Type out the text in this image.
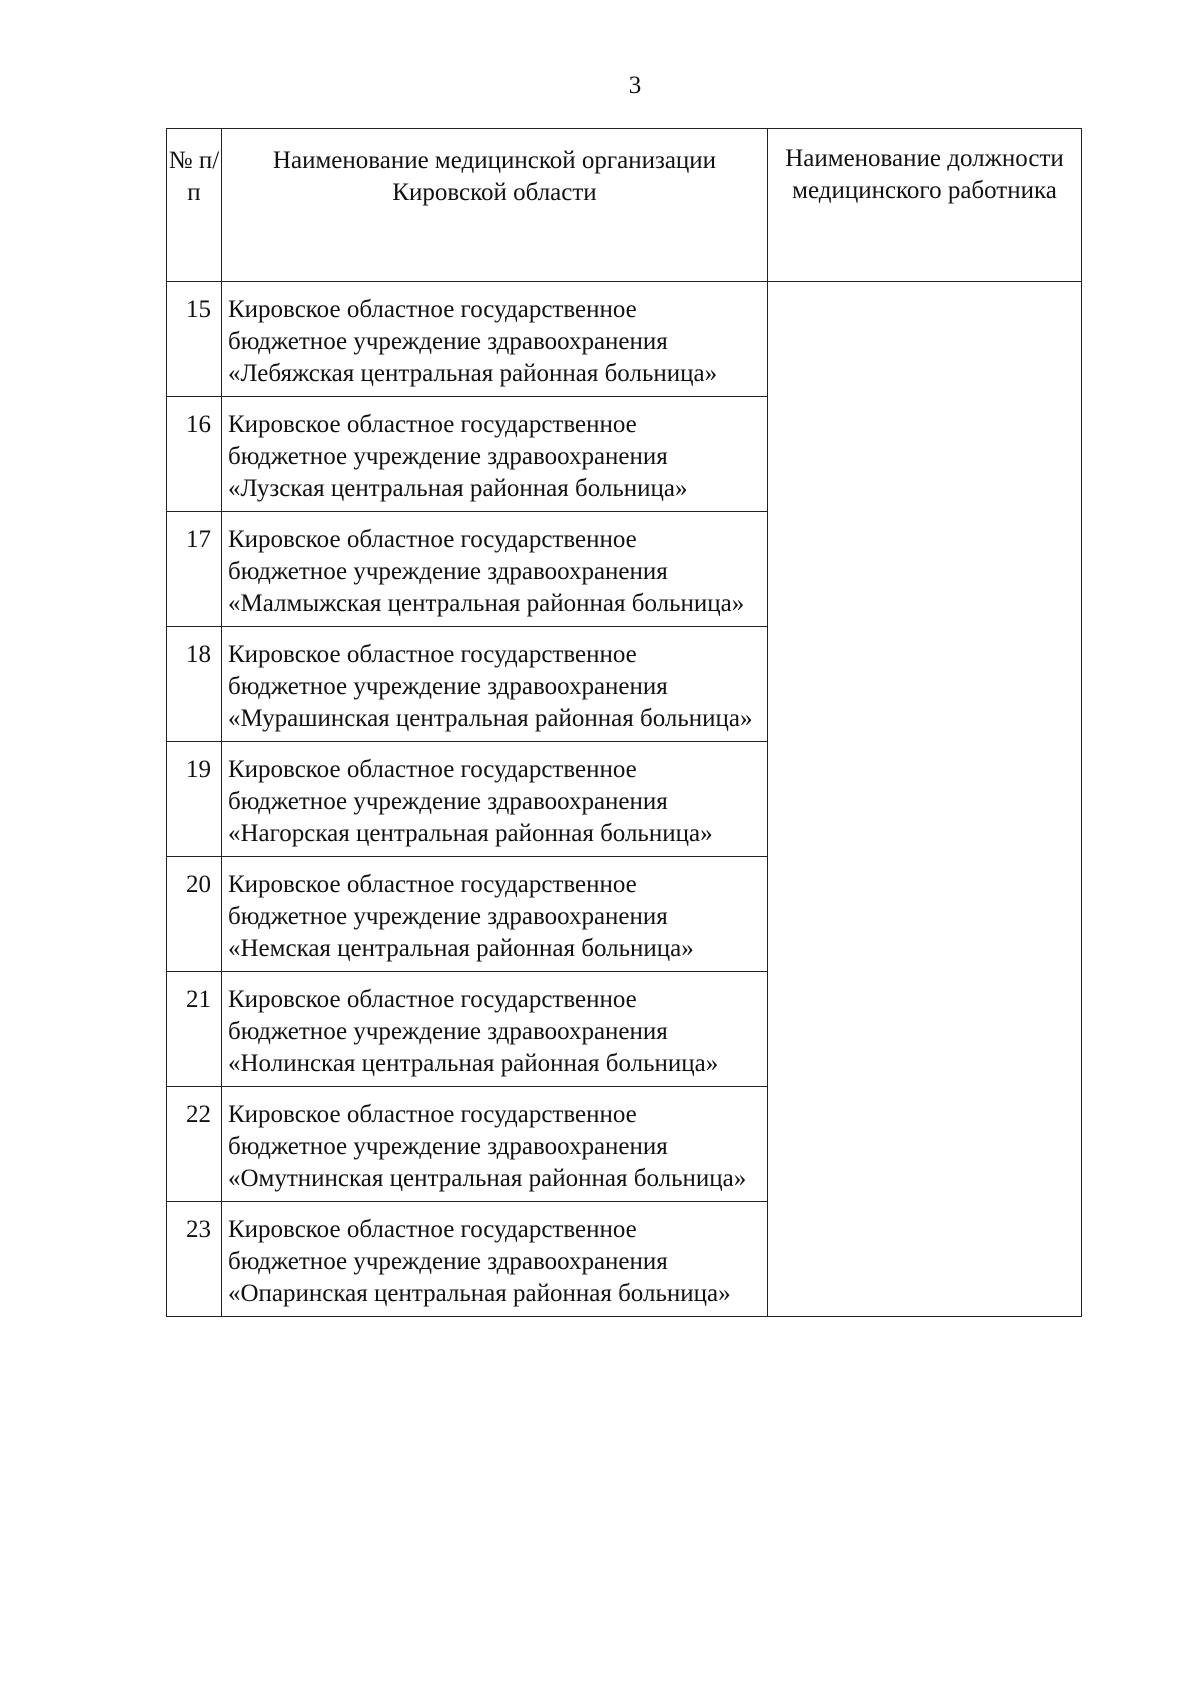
3
№ п/п	Наименование медицинской организации Кировской области	Наименование должности медицинского работника
15	Кировское областное государственное бюджетное учреждение здравоохранения «Лебяжская центральная районная больница»	
16	Кировское областное государственное бюджетное учреждение здравоохранения «Лузская центральная районная больница»	
17	Кировское областное государственное бюджетное учреждение здравоохранения «Малмыжская центральная районная больница»	
18	Кировское областное государственное бюджетное учреждение здравоохранения «Мурашинская центральная районная больница»	
19	Кировское областное государственное бюджетное учреждение здравоохранения «Нагорская центральная районная больница»	
20	Кировское областное государственное бюджетное учреждение здравоохранения «Немская центральная районная больница»	
21	Кировское областное государственное бюджетное учреждение здравоохранения «Нолинская центральная районная больница»	
22	Кировское областное государственное бюджетное учреждение здравоохранения «Омутнинская центральная районная больница»	
23	Кировское областное государственное бюджетное учреждение здравоохранения «Опаринская центральная районная больница»	
